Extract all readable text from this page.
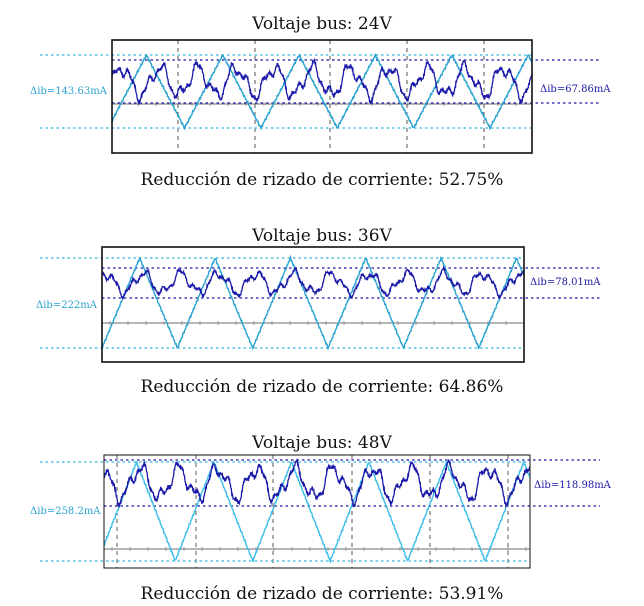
Voltaje bus: 24V
Δib=143.63mA	Δib=67.86mA
Reducción de rizado de corriente: 52.75%
Voltaje bus: 36V
Δib=222mA
Δib=78.01mA
Reducción de rizado de corriente: 64.86%
Voltaje bus: 48V
Δib=258.2mA
Δib=118.98mA
Reducción de rizado de corriente: 53.91%
